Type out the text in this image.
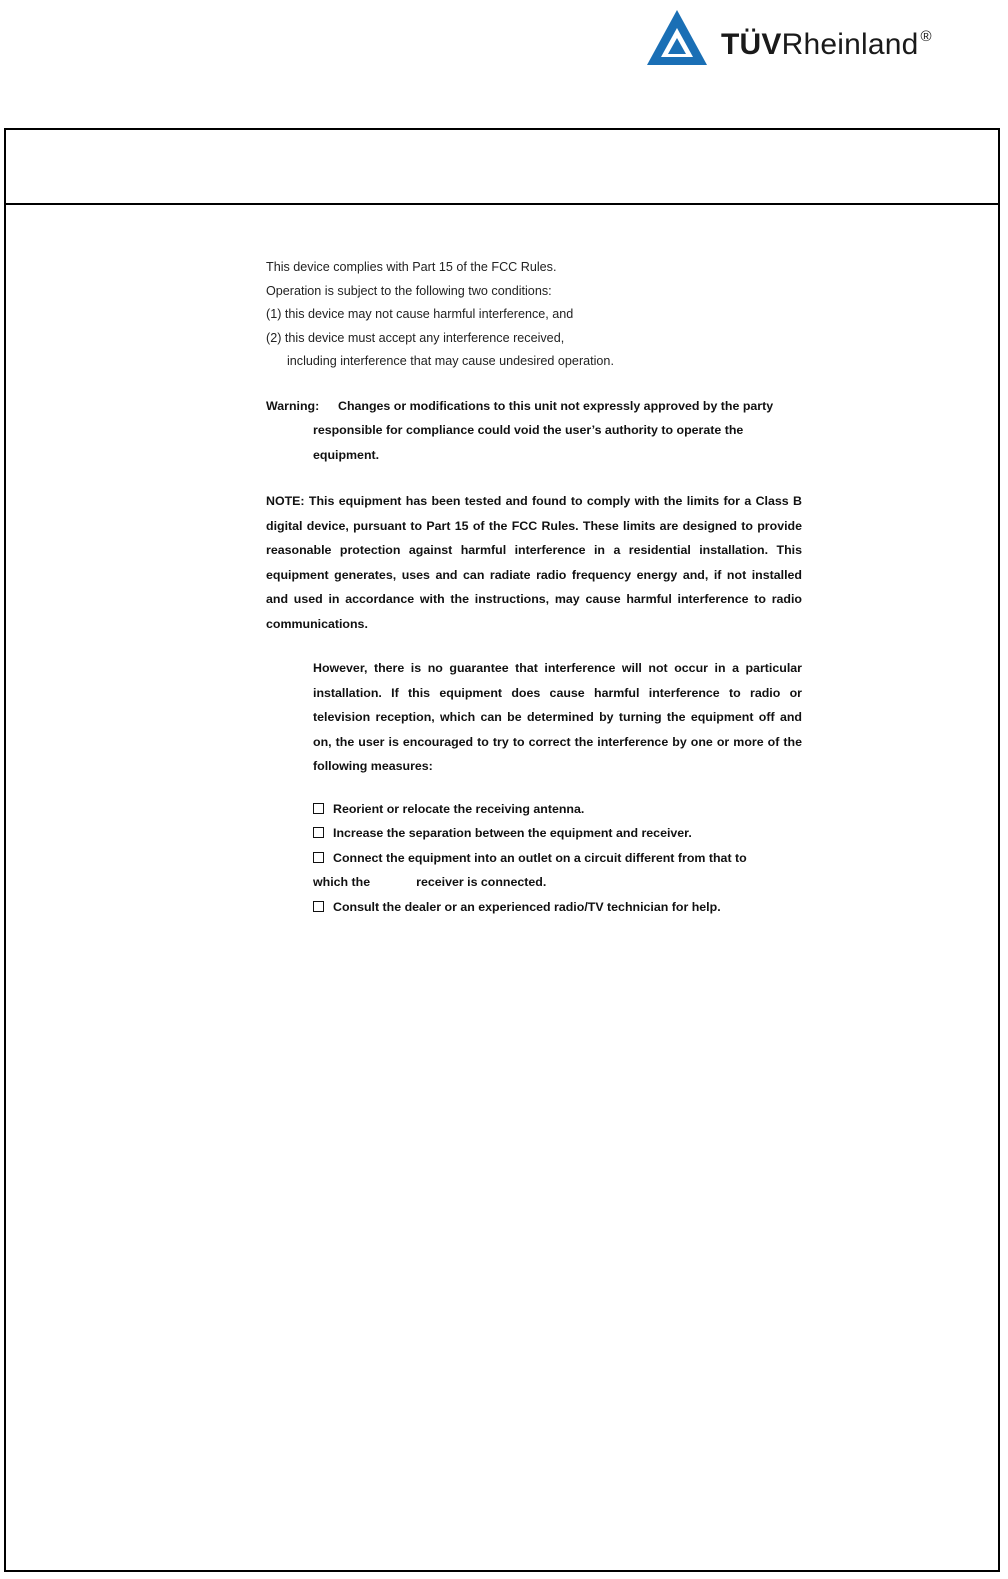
TÜVRheinland ®

This device complies with Part 15 of the FCC Rules.

Operation is subject to the following two conditions:

(1) this device may not cause harmful interference, and

(2) this device must accept any interference received,

including interference that may cause undesired operation.

Warning: Changes or modifications to this unit not expressly approved by the party

responsible for compliance could void the user’s authority to operate the

equipment.

NOTE: This equipment has been tested and found to comply with the limits for a Class B digital device, pursuant to Part 15 of the FCC Rules. These limits are designed to provide reasonable protection against harmful interference in a residential installation. This equipment generates, uses and can radiate radio frequency energy and, if not installed and used in accordance with the instructions, may cause harmful interference to radio communications.

However, there is no guarantee that interference will not occur in a particular installation. If this equipment does cause harmful interference to radio or television reception, which can be determined by turning the equipment off and on, the user is encouraged to try to correct the interference by one or more of the following measures:

Reorient or relocate the receiving antenna.
Increase the separation between the equipment and receiver.
Connect the equipment into an outlet on a circuit different from that to
which the	receiver is connected.
Consult the dealer or an experienced radio/TV technician for help.
